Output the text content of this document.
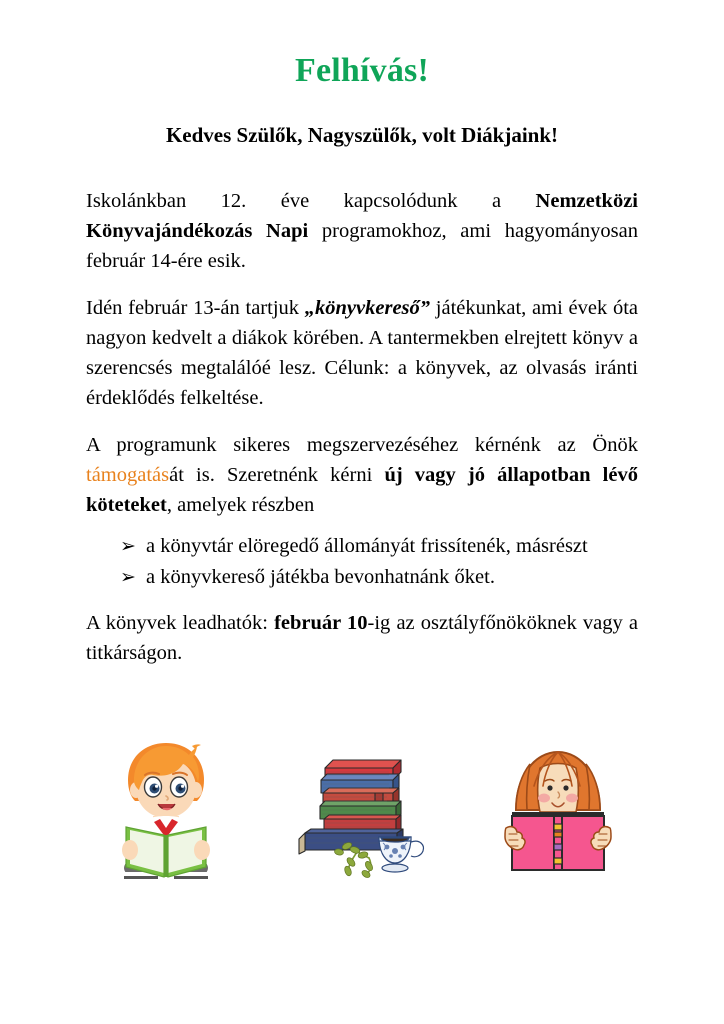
Felhívás!
Kedves Szülők, Nagyszülők, volt Diákjaink!

Iskolánkban 12. éve kapcsolódunk a Nemzetközi Könyvajándékozás Napi programokhoz, ami hagyományosan február 14-ére esik.

Idén február 13-án tartjuk „könyvkereső” játékunkat, ami évek óta nagyon kedvelt a diákok körében. A tantermekben elrejtett könyv a szerencsés megtalálóé lesz. Célunk: a könyvek, az olvasás iránti érdeklődés felkeltése.

A programunk sikeres megszervezéséhez kérnénk az Önök támogatását is. Szeretnénk kérni új vagy jó állapotban lévő köteteket, amelyek részben

➢ a könyvtár elöregedő állományát frissítenék, másrészt
➢ a könyvkereső játékba bevonhatnánk őket.

A könyvek leadhatók: február 10-ig az osztályfőnököknek vagy a titkárságon.
